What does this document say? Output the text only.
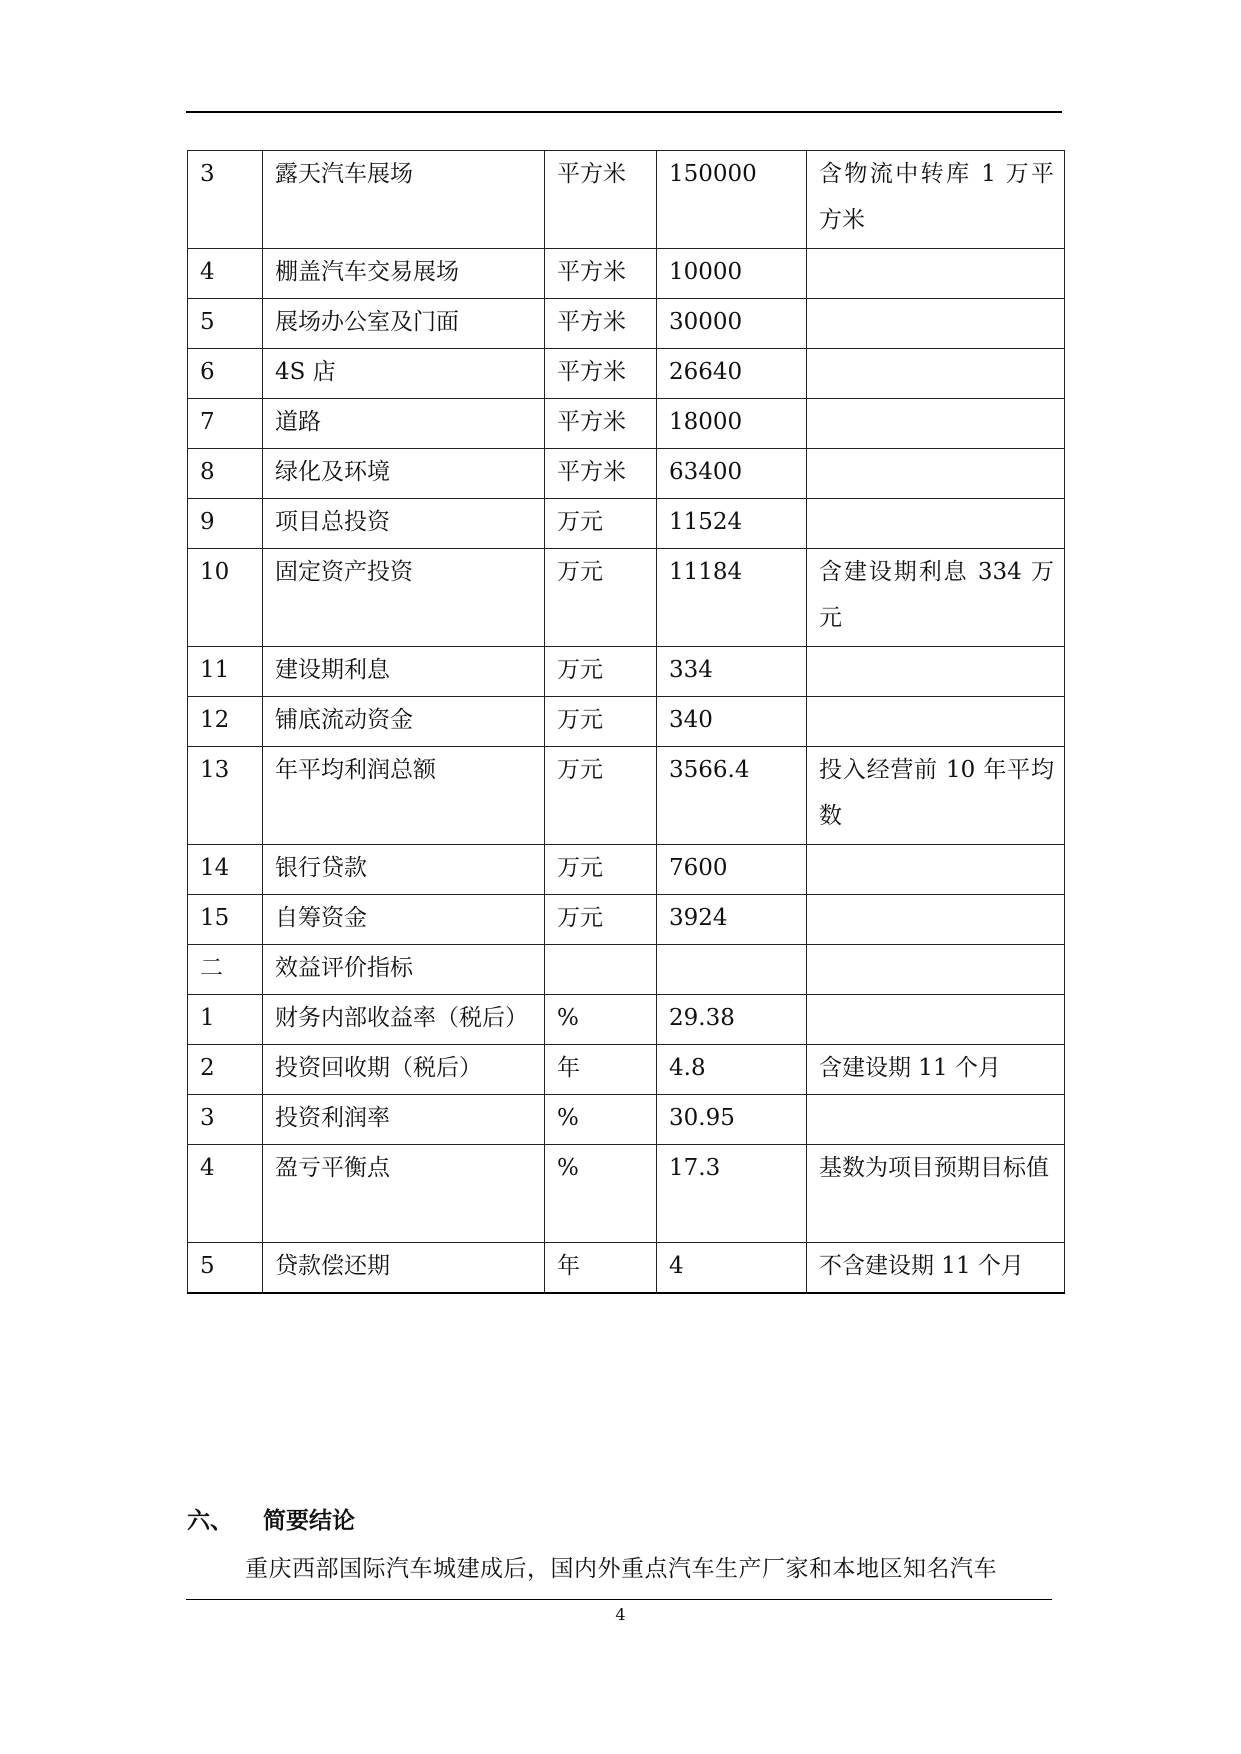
3	露天汽车展场	平方米	150000	含物流中转库 1 万平方米
4	棚盖汽车交易展场	平方米	10000	
5	展场办公室及门面	平方米	30000	
6	4S 店	平方米	26640	
7	道路	平方米	18000	
8	绿化及环境	平方米	63400	
9	项目总投资	万元	11524	
10	固定资产投资	万元	11184	含建设期利息 334 万元
11	建设期利息	万元	334	
12	铺底流动资金	万元	340	
13	年平均利润总额	万元	3566.4	投入经营前 10 年平均数
14	银行贷款	万元	7600	
15	自筹资金	万元	3924	
二	效益评价指标			
1	财务内部收益率（税后）	%	29.38	
2	投资回收期（税后）	年	4.8	含建设期 11 个月
3	投资利润率	%	30.95	
4	盈亏平衡点	%	17.3	基数为项目预期目标值
5	贷款偿还期	年	4	不含建设期 11 个月
六、 简要结论
重庆西部国际汽车城建成后，国内外重点汽车生产厂家和本地区知名汽车
4
